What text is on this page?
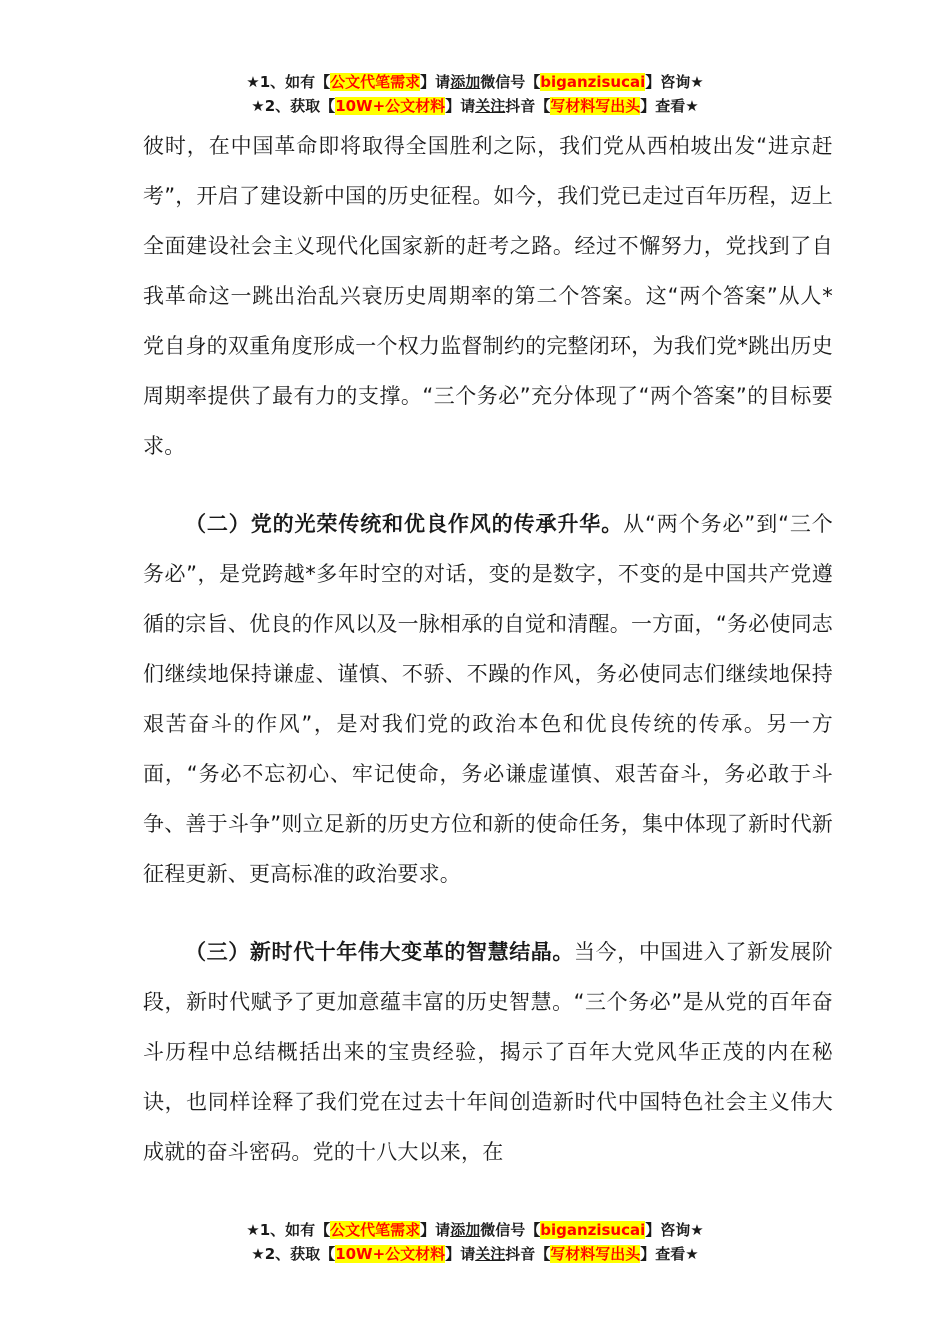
★1、如有【公文代笔需求】请添加微信号【biganzisucai】咨询★
★2、获取【10W+公文材料】请关注抖音【写材料写出头】查看★

彼时，在中国革命即将取得全国胜利之际，我们党从西柏坡出发“进京赶考”，开启了建设新中国的历史征程。如今，我们党已走过百年历程，迈上全面建设社会主义现代化国家新的赶考之路。经过不懈努力，党找到了自我革命这一跳出治乱兴衰历史周期率的第二个答案。这“两个答案”从人*党自身的双重角度形成一个权力监督制约的完整闭环，为我们党*跳出历史周期率提供了最有力的支撑。“三个务必”充分体现了“两个答案”的目标要求。

（二）党的光荣传统和优良作风的传承升华。从“两个务必”到“三个务必”，是党跨越*多年时空的对话，变的是数字，不变的是中国共产党遵循的宗旨、优良的作风以及一脉相承的自觉和清醒。一方面，“务必使同志们继续地保持谦虚、谨慎、不骄、不躁的作风，务必使同志们继续地保持艰苦奋斗的作风”，是对我们党的政治本色和优良传统的传承。另一方面，“务必不忘初心、牢记使命，务必谦虚谨慎、艰苦奋斗，务必敢于斗争、善于斗争”则立足新的历史方位和新的使命任务，集中体现了新时代新征程更新、更高标准的政治要求。

（三）新时代十年伟大变革的智慧结晶。当今，中国进入了新发展阶段，新时代赋予了更加意蕴丰富的历史智慧。“三个务必”是从党的百年奋斗历程中总结概括出来的宝贵经验，揭示了百年大党风华正茂的内在秘诀，也同样诠释了我们党在过去十年间创造新时代中国特色社会主义伟大成就的奋斗密码。党的十八大以来，在

★1、如有【公文代笔需求】请添加微信号【biganzisucai】咨询★
★2、获取【10W+公文材料】请关注抖音【写材料写出头】查看★
